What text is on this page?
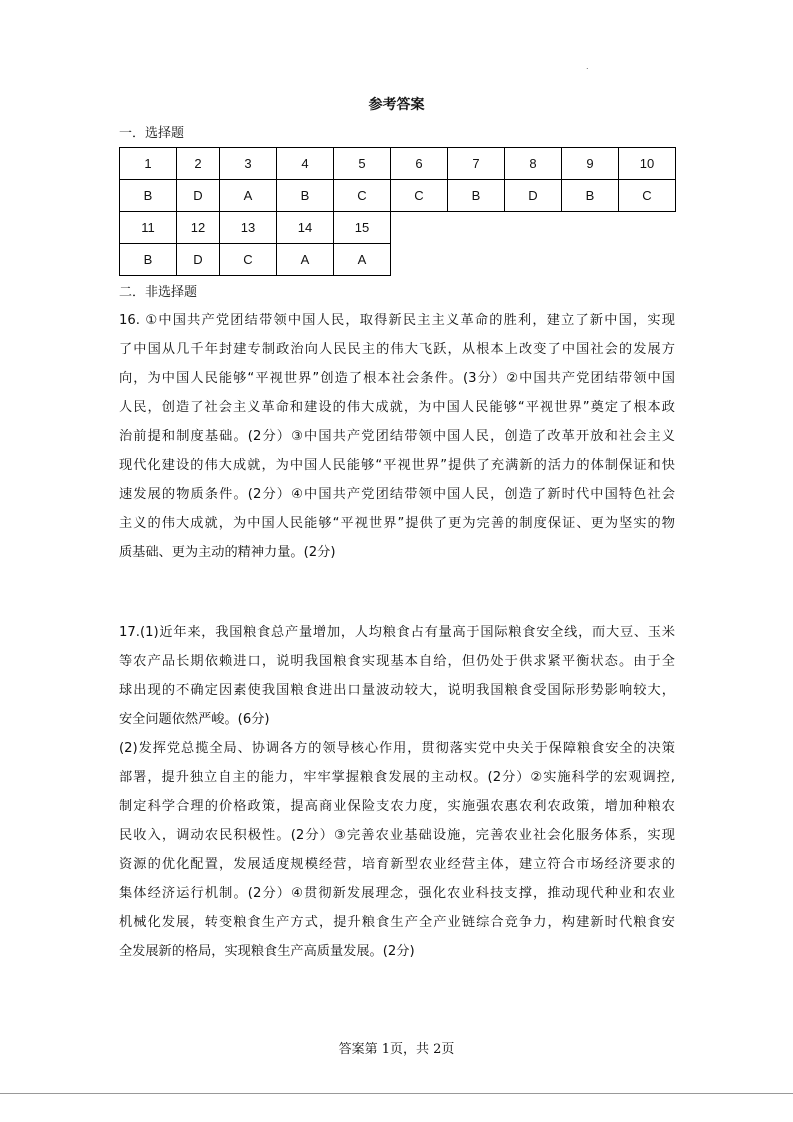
.
参考答案
一．选择题
1	2	3	4	5	6	7	8	9	10
B	D	A	B	C	C	B	D	B	C
11	12	13	14	15
B	D	C	A	A
二．非选择题
16. ①中国共产党团结带领中国人民，取得新民主主义革命的胜利，建立了新中国，实现
了中国从几千年封建专制政治向人民民主的伟大飞跃，从根本上改变了中国社会的发展方
向，为中国人民能够“平视世界”创造了根本社会条件。(3分）②中国共产党团结带领中国
人民，创造了社会主义革命和建设的伟大成就，为中国人民能够“平视世界”奠定了根本政
治前提和制度基础。(2分）③中国共产党团结带领中国人民，创造了改革开放和社会主义
现代化建设的伟大成就，为中国人民能够“平视世界”提供了充满新的活力的体制保证和快
速发展的物质条件。(2分）④中国共产党团结带领中国人民，创造了新时代中国特色社会
主义的伟大成就，为中国人民能够“平视世界”提供了更为完善的制度保证、更为坚实的物
质基础、更为主动的精神力量。(2分)
17.(1)近年来，我国粮食总产量增加，人均粮食占有量高于国际粮食安全线，而大豆、玉米
等农产品长期依赖进口，说明我国粮食实现基本自给，但仍处于供求紧平衡状态。由于全
球出现的不确定因素使我国粮食进出口量波动较大，说明我国粮食受国际形势影响较大，
安全问题依然严峻。(6分)
(2)发挥党总揽全局、协调各方的领导核心作用，贯彻落实党中央关于保障粮食安全的决策
部署，提升独立自主的能力，牢牢掌握粮食发展的主动权。(2分）②实施科学的宏观调控,
制定科学合理的价格政策，提高商业保险支农力度，实施强农惠农利农政策，增加种粮农
民收入，调动农民积极性。(2分）③完善农业基础设施，完善农业社会化服务体系，实现
资源的优化配置，发展适度规模经营，培育新型农业经营主体，建立符合市场经济要求的
集体经济运行机制。(2分）④贯彻新发展理念，强化农业科技支撑，推动现代种业和农业
机械化发展，转变粮食生产方式，提升粮食生产全产业链综合竞争力，构建新时代粮食安
全发展新的格局，实现粮食生产高质量发展。(2分)
答案第 1页，共 2页
